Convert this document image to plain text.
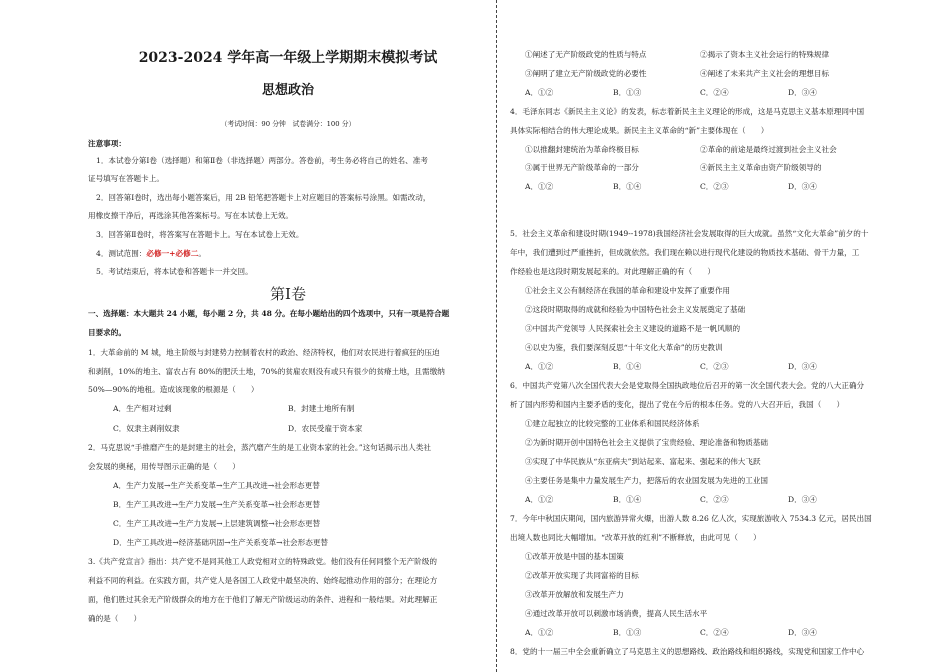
2023-2024 学年高一年级上学期期末模拟考试
思想政治
（考试时间：90 分钟　试卷满分：100 分）
注意事项：
1．本试卷分第Ⅰ卷（选择题）和第Ⅱ卷（非选择题）两部分。答卷前，考生务必将自己的姓名、准考
证号填写在答题卡上。
2．回答第Ⅰ卷时，选出每小题答案后，用 2B 铅笔把答题卡上对应题目的答案标号涂黑。如需改动，
用橡皮擦干净后，再选涂其他答案标号。写在本试卷上无效。
3．回答第Ⅱ卷时，将答案写在答题卡上。写在本试卷上无效。
4．测试范围：必修一+必修二。
5．考试结束后，将本试卷和答题卡一并交回。
第Ⅰ卷
一、选择题：本大题共 24 小题，每小题 2 分，共 48 分。在每小题给出的四个选项中，只有一项是符合题
目要求的。
1．大革命前的 M 城，地主阶级与封建势力控制着农村的政治、经济特权，他们对农民进行着疯狂的压迫
和剥削，10%的地主、富农占有 80%的肥沃土地，70%的贫雇农则没有或只有很少的贫瘠土地，且需缴纳
50%—90%的地租。造成该现象的根源是（　　）
A．生产相对过剩	B．封建土地所有制
C．奴隶主剥削奴隶	D．农民受雇于资本家
2．马克思说“手推磨产生的是封建主的社会，蒸汽磨产生的是工业资本家的社会。”这句话揭示出人类社
会发展的奥秘，用传导图示正确的是（　　）
A．生产力发展→生产关系变革→生产工具改进→社会形态更替
B．生产工具改进→生产力发展→生产关系变革→社会形态更替
C．生产工具改进→生产力发展→上层建筑调整→社会形态更替
D．生产工具改进→经济基础巩固→生产关系变革→社会形态更替
3.《共产党宣言》指出：共产党不是同其他工人政党相对立的特殊政党。他们没有任何同整个无产阶级的
利益不同的利益。在实践方面，共产党人是各国工人政党中最坚决的、始终起推动作用的部分；在理论方
面，他们胜过其余无产阶级群众的地方在于他们了解无产阶级运动的条件、进程和一般结果。对此理解正
确的是（　　）
①阐述了无产阶级政党的性质与特点	②揭示了资本主义社会运行的特殊规律
③阐明了建立无产阶级政党的必要性	④阐述了未来共产主义社会的理想目标
A．①②	B．①③	C．②④	D．③④
4．毛泽东同志《新民主主义论》的发表，标志着新民主主义理论的形成，这是马克思主义基本原理同中国
具体实际相结合的伟大理论成果。新民主主义革命的“新”主要体现在（　　）
①以推翻封建统治为革命终极目标	②革命的前途是最终过渡到社会主义社会
③属于世界无产阶级革命的一部分	④新民主主义革命由资产阶级领导的
A．①②	B．①④	C．②③	D．③④
5．社会主义革命和建设时期(1949--1978)我国经济社会发展取得的巨大成就。虽然“文化大革命”前夕的十
年中，我们遭到过严重挫折，但成就依然。我们现在赖以进行现代化建设的物质技术基础、骨干力量，工
作经验也是这段时期发展起来的。对此理解正确的有（　　）
①社会主义公有制经济在我国的革命和建设中发挥了重要作用
②这段时期取得的成就和经验为中国特色社会主义发展奠定了基础
③中国共产党领导 人民探索社会主义建设的道路不是一帆风顺的
④以史为鉴，我们要深刻反思“十年文化大革命”的历史教训
A．①②	B．①④	C．②③	D．③④
6．中国共产党第八次全国代表大会是党取得全国执政地位后召开的第一次全国代表大会。党的八大正确分
析了国内形势和国内主要矛盾的变化，提出了党在今后的根本任务。党的八大召开后，我国（　　）
①建立起独立的比较完整的工业体系和国民经济体系
②为新时期开创中国特色社会主义提供了宝贵经验、理论准备和物质基础
③实现了中华民族从“东亚病夫”到站起来、富起来、强起来的伟大飞跃
④主要任务是集中力量发展生产力，把落后的农业国发展为先进的工业国
A．①②	B．①④	C．②③	D．③④
7．今年中秋国庆期间，国内旅游异常火爆，出游人数 8.26 亿人次，实现旅游收入 7534.3 亿元，居民出国
出境人数也同比大幅增加。“改革开放的红利”不断释放，由此可见（　　）
①改革开放是中国的基本国策
②改革开放实现了共同富裕的目标
③改革开放解放和发展生产力
④通过改革开放可以刺激市场消费，提高人民生活水平
A．①②	B．①③	C．②④	D．③④
8．党的十一届三中全会重新确立了马克思主义的思想路线、政治路线和组织路线，实现党和国家工作中心
